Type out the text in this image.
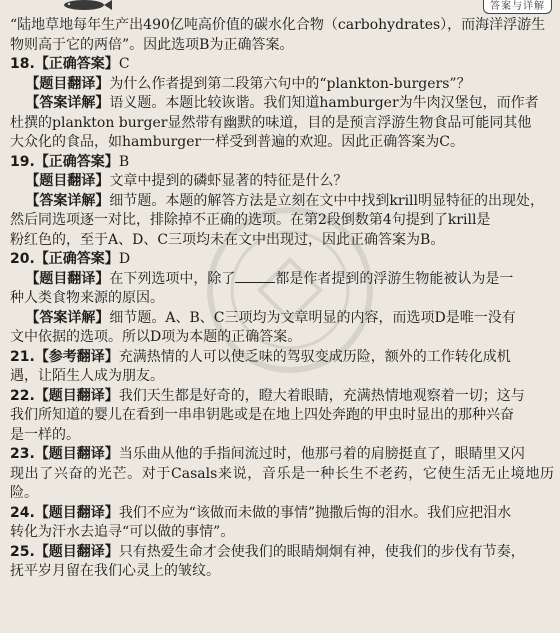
答案与详解

“陆地草地每年生产出490亿吨高价值的碳水化合物（carbohydrates），而海洋浮游生

物则高于它的两倍”。因此选项B为正确答案。

18.【正确答案】C

【题目翻译】为什么作者提到第二段第六句中的“plankton-burgers”？

【答案详解】语义题。本题比较诙谐。我们知道hamburger为牛肉汉堡包，而作者

杜撰的plankton burger显然带有幽默的味道，目的是预言浮游生物食品可能同其他

大众化的食品，如hamburger一样受到普遍的欢迎。因此正确答案为C。

19.【正确答案】B

【题目翻译】文章中提到的磷虾显著的特征是什么？

【答案详解】细节题。本题的解答方法是立刻在文中中找到krill明显特征的出现处，

然后同选项逐一对比，排除掉不正确的选项。在第2段倒数第4句提到了krill是

粉红色的，至于A、D、C三项均未在文中出现过，因此正确答案为B。

20.【正确答案】D

【题目翻译】在下列选项中，除了	都是作者提到的浮游生物能被认为是一

种人类食物来源的原因。

【答案详解】细节题。A、B、C三项均为文章明显的内容，而选项D是唯一没有

文中依据的选项。所以D项为本题的正确答案。

21.【参考翻译】充满热情的人可以使乏味的驾驭变成历险，额外的工作转化成机

遇，让陌生人成为朋友。

22.【题目翻译】我们天生都是好奇的，瞪大着眼睛，充满热情地观察着一切；这与

我们所知道的婴儿在看到一串串钥匙或是在地上四处奔跑的甲虫时显出的那种兴奋

是一样的。

23.【题目翻译】当乐曲从他的手指间流过时，他那弓着的肩膀挺直了，眼睛里又闪

现出了兴奋的光芒。对于Casals来说，音乐是一种长生不老药，它使生活无止境地历险。

24.【题目翻译】我们不应为“该做而未做的事情”抛撒后悔的泪水。我们应把泪水

转化为汗水去追寻“可以做的事情”。

25.【题目翻译】只有热爱生命才会使我们的眼睛炯炯有神，使我们的步伐有节奏，

抚平岁月留在我们心灵上的皱纹。
